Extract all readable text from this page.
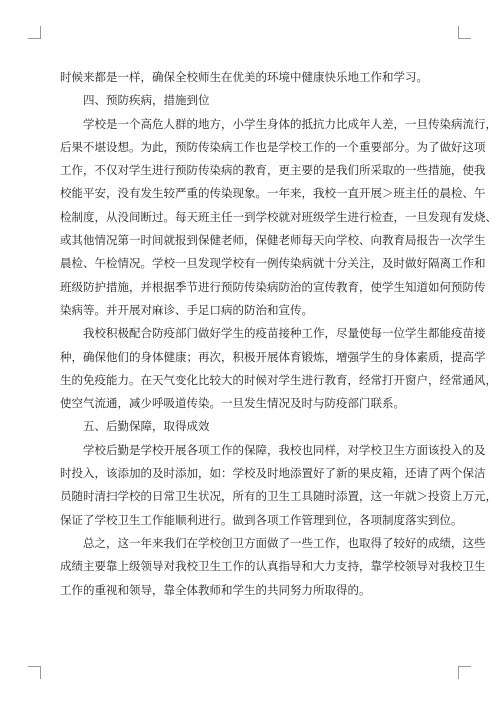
时候来都是一样，确保全校师生在优美的环境中健康快乐地工作和学习。
四、预防疾病，措施到位
学校是一个高危人群的地方，小学生身体的抵抗力比成年人差，一旦传染病流行，
后果不堪设想。为此，预防传染病工作也是学校工作的一个重要部分。为了做好这项
工作，不仅对学生进行预防传染病的教育，更主要的是我们所采取的一些措施，使我
校能平安，没有发生较严重的传染现象。一年来，我校一直开展＞班主任的晨检、午
检制度，从没间断过。每天班主任一到学校就对班级学生进行检查，一旦发现有发烧、
或其他情况第一时间就报到保健老师，保健老师每天向学校、向教育局报告一次学生
晨检、午检情况。学校一旦发现学校有一例传染病就十分关注，及时做好隔离工作和
班级防护措施，并根据季节进行预防传染病防治的宣传教育，使学生知道如何预防传
染病等。并开展对麻诊、手足口病的防治和宣传。
我校积极配合防疫部门做好学生的疫苗接种工作，尽量使每一位学生都能疫苗接
种，确保他们的身体健康；再次，积极开展体育锻炼，增强学生的身体素质，提高学
生的免疫能力。在天气变化比较大的时候对学生进行教育，经常打开窗户，经常通风，
使空气流通，减少呼吸道传染。一旦发生情况及时与防疫部门联系。
五、后勤保障，取得成效
学校后勤是学校开展各项工作的保障，我校也同样，对学校卫生方面该投入的及
时投入，该添加的及时添加，如：学校及时地添置好了新的果皮箱，还请了两个保洁
员随时清扫学校的日常卫生状况，所有的卫生工具随时添置，这一年就＞投资上万元，
保证了学校卫生工作能顺利进行。做到各项工作管理到位，各项制度落实到位。
总之，这一年来我们在学校创卫方面做了一些工作，也取得了较好的成绩，这些
成绩主要靠上级领导对我校卫生工作的认真指导和大力支持，靠学校领导对我校卫生
工作的重视和领导，靠全体教师和学生的共同努力所取得的。
